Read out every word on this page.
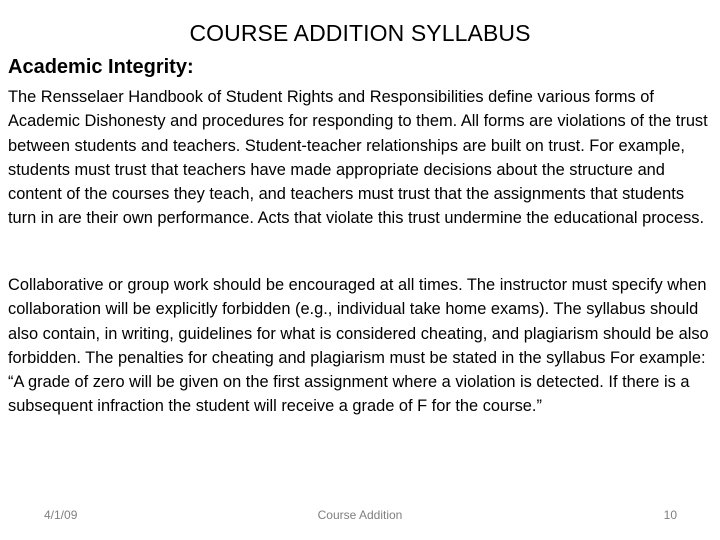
COURSE ADDITION SYLLABUS
Academic Integrity:

The Rensselaer Handbook of Student Rights and Responsibilities define various forms of Academic Dishonesty and procedures for responding to them. All forms are violations of the trust between students and teachers. Student-teacher relationships are built on trust. For example, students must trust that teachers have made appropriate decisions about the structure and content of the courses they teach, and teachers must trust that the assignments that students turn in are their own performance. Acts that violate this trust undermine the educational process.

Collaborative or group work should be encouraged at all times. The instructor must specify when collaboration will be explicitly forbidden (e.g., individual take home exams). The syllabus should also contain, in writing, guidelines for what is considered cheating, and plagiarism should be also forbidden. The penalties for cheating and plagiarism must be stated in the syllabus For example: “A grade of zero will be given on the first assignment where a violation is detected. If there is a subsequent infraction the student will receive a grade of F for the course.”

4/1/09	Course Addition	10
